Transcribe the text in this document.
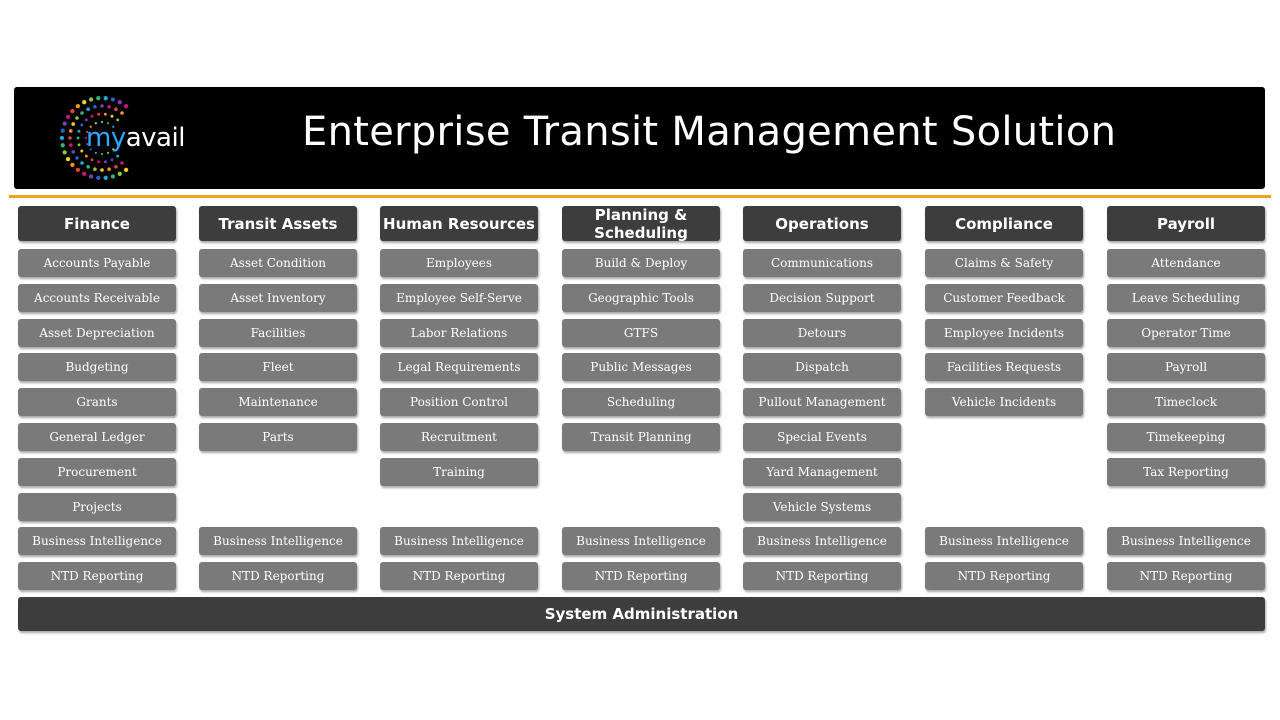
myavail	Enterprise Transit Management Solution
Finance
Accounts Payable
Accounts Receivable
Asset Depreciation
Budgeting
Grants
General Ledger
Procurement
Projects
Business Intelligence
NTD Reporting
Transit Assets
Asset Condition
Asset Inventory
Facilities
Fleet
Maintenance
Parts
Business Intelligence
NTD Reporting
Human Resources
Employees
Employee Self-Serve
Labor Relations
Legal Requirements
Position Control
Recruitment
Training
Business Intelligence
NTD Reporting
Planning & Scheduling
Build & Deploy
Geographic Tools
GTFS
Public Messages
Scheduling
Transit Planning
Business Intelligence
NTD Reporting
Operations
Communications
Decision Support
Detours
Dispatch
Pullout Management
Special Events
Yard Management
Vehicle Systems
Business Intelligence
NTD Reporting
Compliance
Claims & Safety
Customer Feedback
Employee Incidents
Facilities Requests
Vehicle Incidents
Business Intelligence
NTD Reporting
Payroll
Attendance
Leave Scheduling
Operator Time
Payroll
Timeclock
Timekeeping
Tax Reporting
Business Intelligence
NTD Reporting
System Administration
